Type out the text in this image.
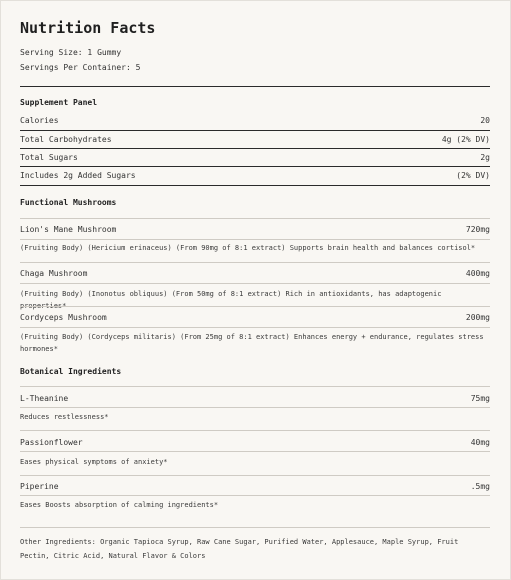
Nutrition Facts
Serving Size: 1 Gummy
Servings Per Container: 5
Supplement Panel
Calories	20
Total Carbohydrates	4g (2% DV)
Total Sugars	2g
Includes 2g Added Sugars	(2% DV)
Functional Mushrooms
Lion's Mane Mushroom	720mg
(Fruiting Body) (Hericium erinaceus) (From 90mg of 8:1 extract) Supports brain health and balances cortisol*
Chaga Mushroom	400mg
(Fruiting Body) (Inonotus obliquus) (From 50mg of 8:1 extract) Rich in antioxidants, has adaptogenic properties*
Cordyceps Mushroom	200mg
(Fruiting Body) (Cordyceps militaris) (From 25mg of 8:1 extract) Enhances energy + endurance, regulates stress hormones*
Botanical Ingredients
L-Theanine	75mg
Reduces restlessness*
Passionflower	40mg
Eases physical symptoms of anxiety*
Piperine	.5mg
Eases Boosts absorption of calming ingredients*
Other Ingredients: Organic Tapioca Syrup, Raw Cane Sugar, Purified Water, Applesauce, Maple Syrup, Fruit Pectin, Citric Acid, Natural Flavor & Colors
